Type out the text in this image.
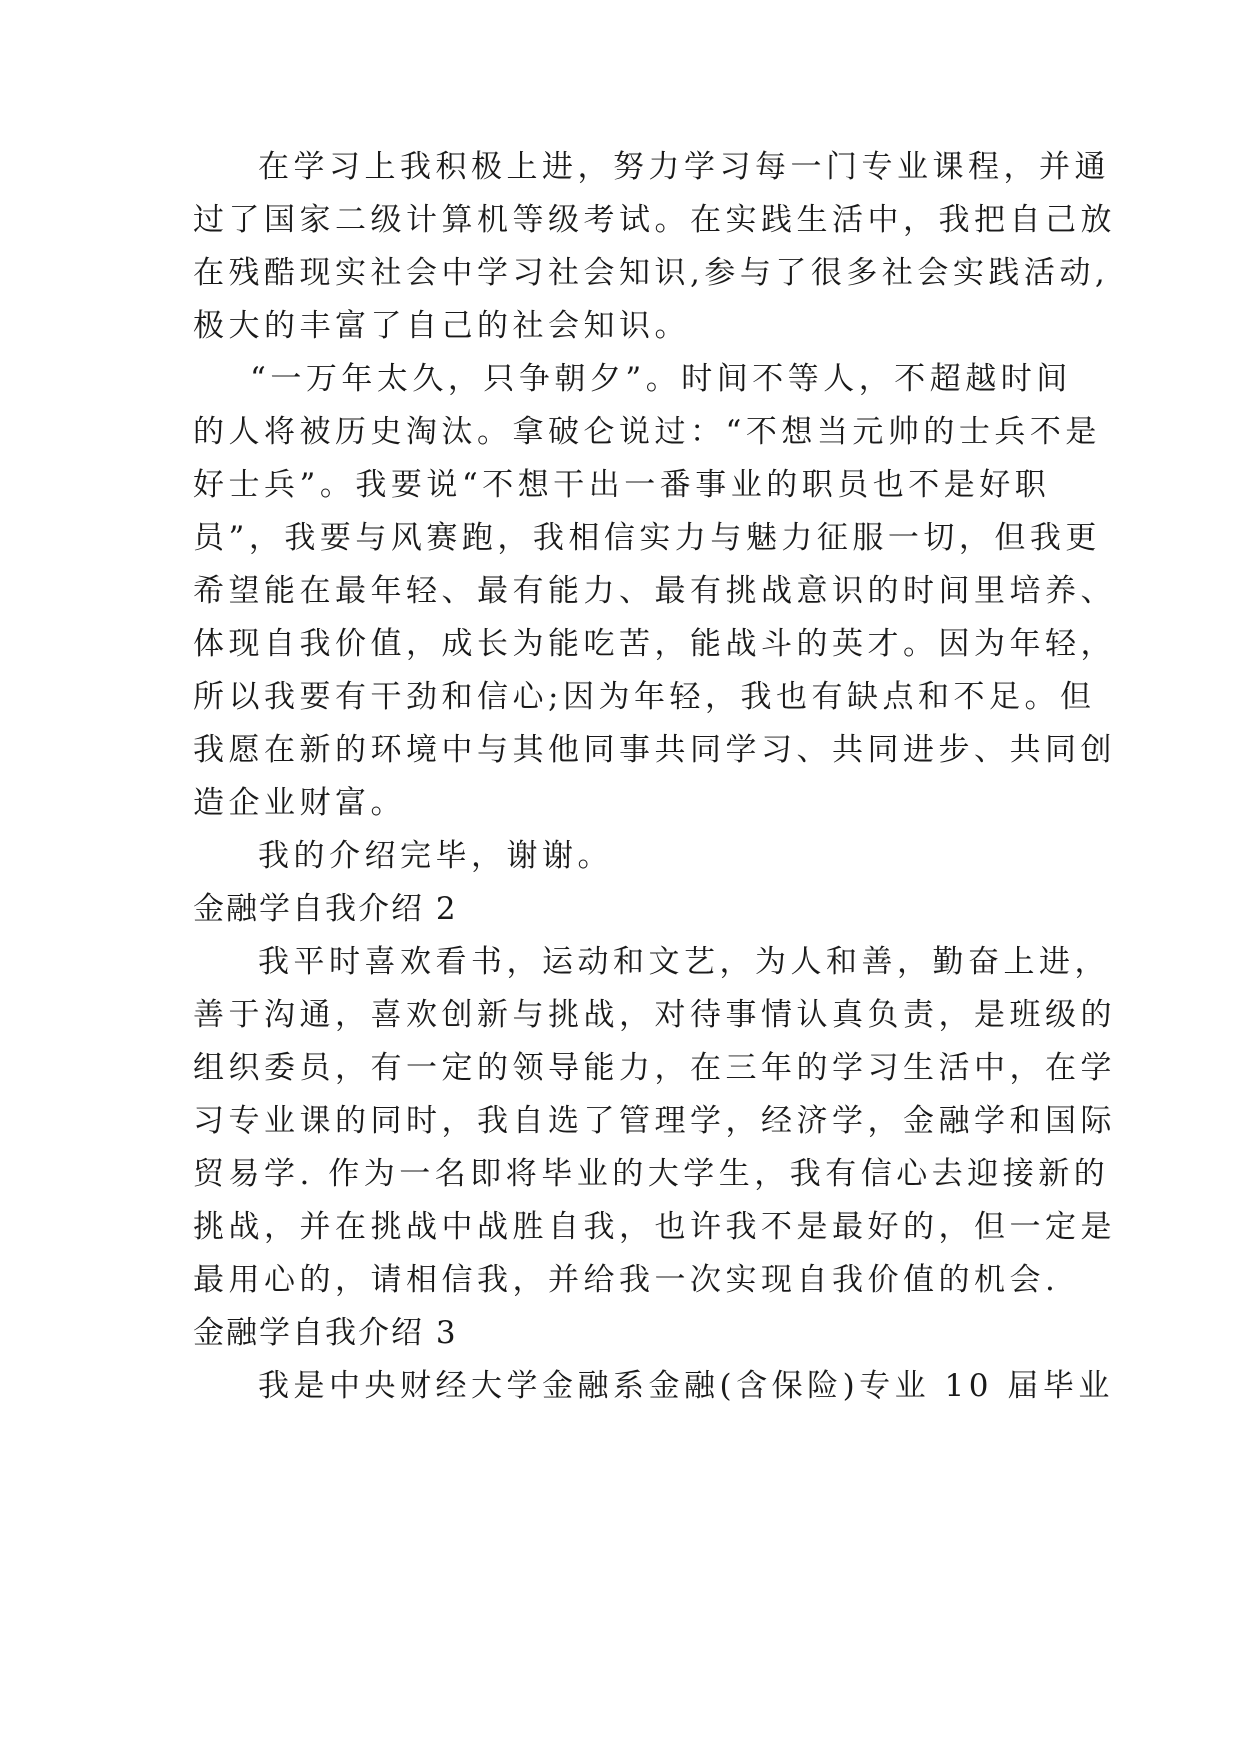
在学习上我积极上进，努力学习每一门专业课程，并通
过了国家二级计算机等级考试。在实践生活中，我把自己放
在残酷现实社会中学习社会知识,参与了很多社会实践活动,
极大的丰富了自己的社会知识。
“一万年太久，只争朝夕”。时间不等人，不超越时间
的人将被历史淘汰。拿破仑说过：“不想当元帅的士兵不是
好士兵”。我要说“不想干出一番事业的职员也不是好职
员”，我要与风赛跑，我相信实力与魅力征服一切，但我更
希望能在最年轻、最有能力、最有挑战意识的时间里培养、
体现自我价值，成长为能吃苦，能战斗的英才。因为年轻，
所以我要有干劲和信心;因为年轻，我也有缺点和不足。但
我愿在新的环境中与其他同事共同学习、共同进步、共同创
造企业财富。
我的介绍完毕，谢谢。
金融学自我介绍 2
我平时喜欢看书，运动和文艺，为人和善，勤奋上进，
善于沟通，喜欢创新与挑战，对待事情认真负责，是班级的
组织委员，有一定的领导能力，在三年的学习生活中，在学
习专业课的同时，我自选了管理学，经济学，金融学和国际
贸易学. 作为一名即将毕业的大学生，我有信心去迎接新的
挑战，并在挑战中战胜自我，也许我不是最好的，但一定是
最用心的，请相信我，并给我一次实现自我价值的机会.
金融学自我介绍 3
我是中央财经大学金融系金融(含保险)专业 10 届毕业
